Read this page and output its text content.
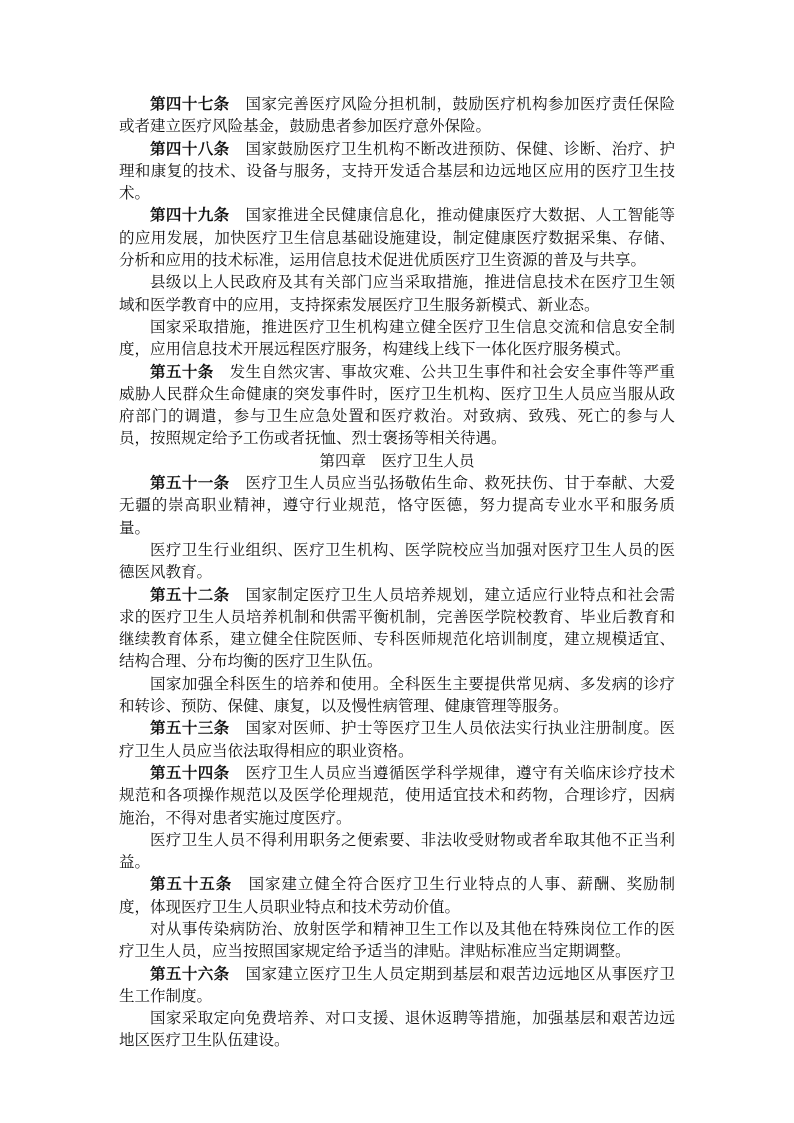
第四十七条　国家完善医疗风险分担机制，鼓励医疗机构参加医疗责任保险或者建立医疗风险基金，鼓励患者参加医疗意外保险。

第四十八条　国家鼓励医疗卫生机构不断改进预防、保健、诊断、治疗、护理和康复的技术、设备与服务，支持开发适合基层和边远地区应用的医疗卫生技术。

第四十九条　国家推进全民健康信息化，推动健康医疗大数据、人工智能等的应用发展，加快医疗卫生信息基础设施建设，制定健康医疗数据采集、存储、分析和应用的技术标准，运用信息技术促进优质医疗卫生资源的普及与共享。

县级以上人民政府及其有关部门应当采取措施，推进信息技术在医疗卫生领域和医学教育中的应用，支持探索发展医疗卫生服务新模式、新业态。

国家采取措施，推进医疗卫生机构建立健全医疗卫生信息交流和信息安全制度，应用信息技术开展远程医疗服务，构建线上线下一体化医疗服务模式。

第五十条　发生自然灾害、事故灾难、公共卫生事件和社会安全事件等严重威胁人民群众生命健康的突发事件时，医疗卫生机构、医疗卫生人员应当服从政府部门的调遣，参与卫生应急处置和医疗救治。对致病、致残、死亡的参与人员，按照规定给予工伤或者抚恤、烈士褒扬等相关待遇。

第四章　医疗卫生人员

第五十一条　医疗卫生人员应当弘扬敬佑生命、救死扶伤、甘于奉献、大爱无疆的崇高职业精神，遵守行业规范，恪守医德，努力提高专业水平和服务质量。

医疗卫生行业组织、医疗卫生机构、医学院校应当加强对医疗卫生人员的医德医风教育。

第五十二条　国家制定医疗卫生人员培养规划，建立适应行业特点和社会需求的医疗卫生人员培养机制和供需平衡机制，完善医学院校教育、毕业后教育和继续教育体系，建立健全住院医师、专科医师规范化培训制度，建立规模适宜、结构合理、分布均衡的医疗卫生队伍。

国家加强全科医生的培养和使用。全科医生主要提供常见病、多发病的诊疗和转诊、预防、保健、康复，以及慢性病管理、健康管理等服务。

第五十三条　国家对医师、护士等医疗卫生人员依法实行执业注册制度。医疗卫生人员应当依法取得相应的职业资格。

第五十四条　医疗卫生人员应当遵循医学科学规律，遵守有关临床诊疗技术规范和各项操作规范以及医学伦理规范，使用适宜技术和药物，合理诊疗，因病施治，不得对患者实施过度医疗。

医疗卫生人员不得利用职务之便索要、非法收受财物或者牟取其他不正当利益。

第五十五条　国家建立健全符合医疗卫生行业特点的人事、薪酬、奖励制度，体现医疗卫生人员职业特点和技术劳动价值。

对从事传染病防治、放射医学和精神卫生工作以及其他在特殊岗位工作的医疗卫生人员，应当按照国家规定给予适当的津贴。津贴标准应当定期调整。

第五十六条　国家建立医疗卫生人员定期到基层和艰苦边远地区从事医疗卫生工作制度。

国家采取定向免费培养、对口支援、退休返聘等措施，加强基层和艰苦边远地区医疗卫生队伍建设。
